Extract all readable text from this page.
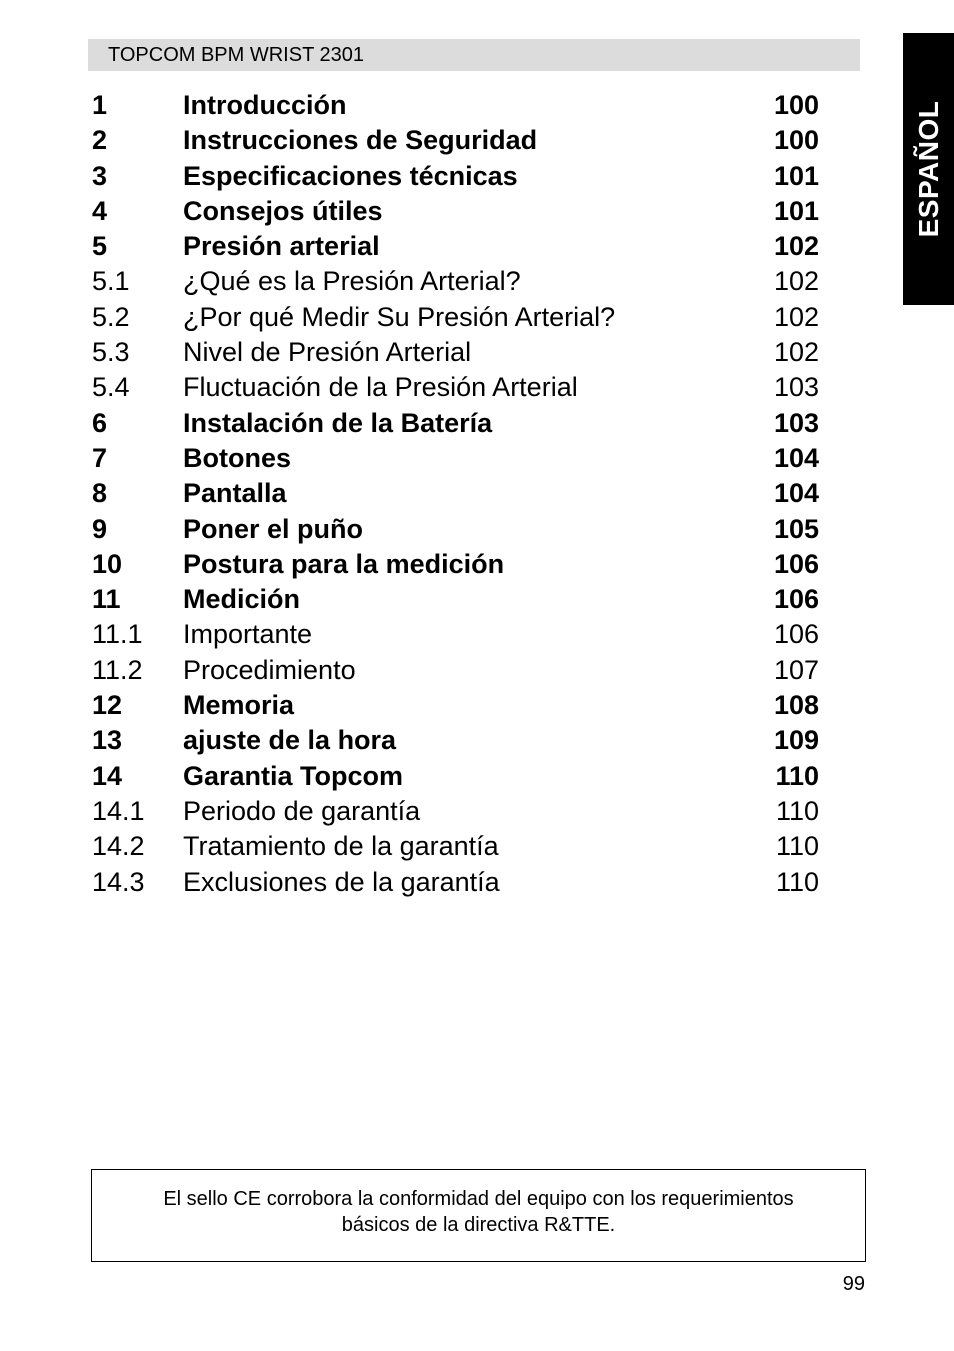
TOPCOM BPM WRIST 2301
ESPAÑOL
1	Introducción	100
2	Instrucciones de Seguridad	100
3	Especificaciones técnicas	101
4	Consejos útiles	101
5	Presión arterial	102
5.1 ¿Qué es la Presión Arterial?	102
5.2 ¿Por qué Medir Su Presión Arterial?	102
5.3 Nivel de Presión Arterial	102
5.4 Fluctuación de la Presión Arterial	103
6	Instalación de la Batería	103
7	Botones	104
8	Pantalla	104
9	Poner el puño	105
10 Postura para la medición	106
11 Medición	106
11.1 Importante	106
11.2 Procedimiento	107
12 Memoria	108
13 ajuste de la hora	109
14 Garantia Topcom	110
14.1 Periodo de garantía	110
14.2 Tratamiento de la garantía	110
14.3 Exclusiones de la garantía	110
El sello CE corrobora la conformidad del equipo con los requerimientos
básicos de la directiva R&TTE.
99
